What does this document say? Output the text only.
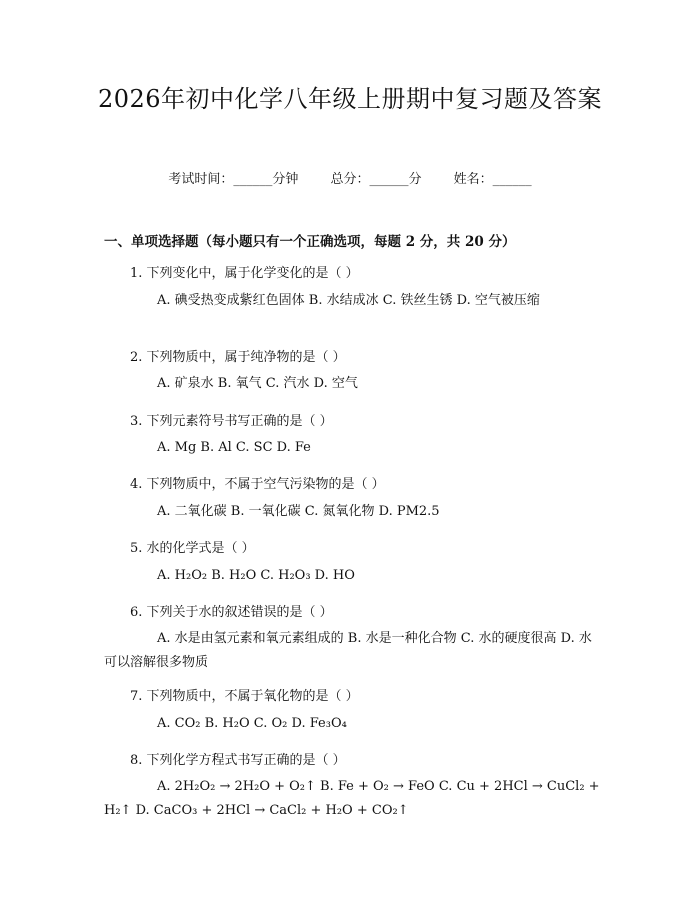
2026年初中化学八年级上册期中复习题及答案
考试时间：______分钟 总分：______分 姓名：______
一、单项选择题（每小题只有一个正确选项，每题 2 分，共 20 分）
1. 下列变化中，属于化学变化的是（ ）
A. 碘受热变成紫红色固体 B. 水结成冰 C. 铁丝生锈 D. 空气被压缩
2. 下列物质中，属于纯净物的是（ ）
A. 矿泉水 B. 氧气 C. 汽水 D. 空气
3. 下列元素符号书写正确的是（ ）
A. Mg B. Al C. SC D. Fe
4. 下列物质中，不属于空气污染物的是（ ）
A. 二氧化碳 B. 一氧化碳 C. 氮氧化物 D. PM2.5
5. 水的化学式是（ ）
A. H₂O₂ B. H₂O C. H₂O₃ D. HO
6. 下列关于水的叙述错误的是（ ）
A. 水是由氢元素和氧元素组成的 B. 水是一种化合物 C. 水的硬度很高 D. 水可以溶解很多物质
7. 下列物质中，不属于氧化物的是（ ）
A. CO₂ B. H₂O C. O₂ D. Fe₃O₄
8. 下列化学方程式书写正确的是（ ）
A. 2H₂O₂ → 2H₂O + O₂↑ B. Fe + O₂ → FeO C. Cu + 2HCl → CuCl₂ + H₂↑ D. CaCO₃ + 2HCl → CaCl₂ + H₂O + CO₂↑
